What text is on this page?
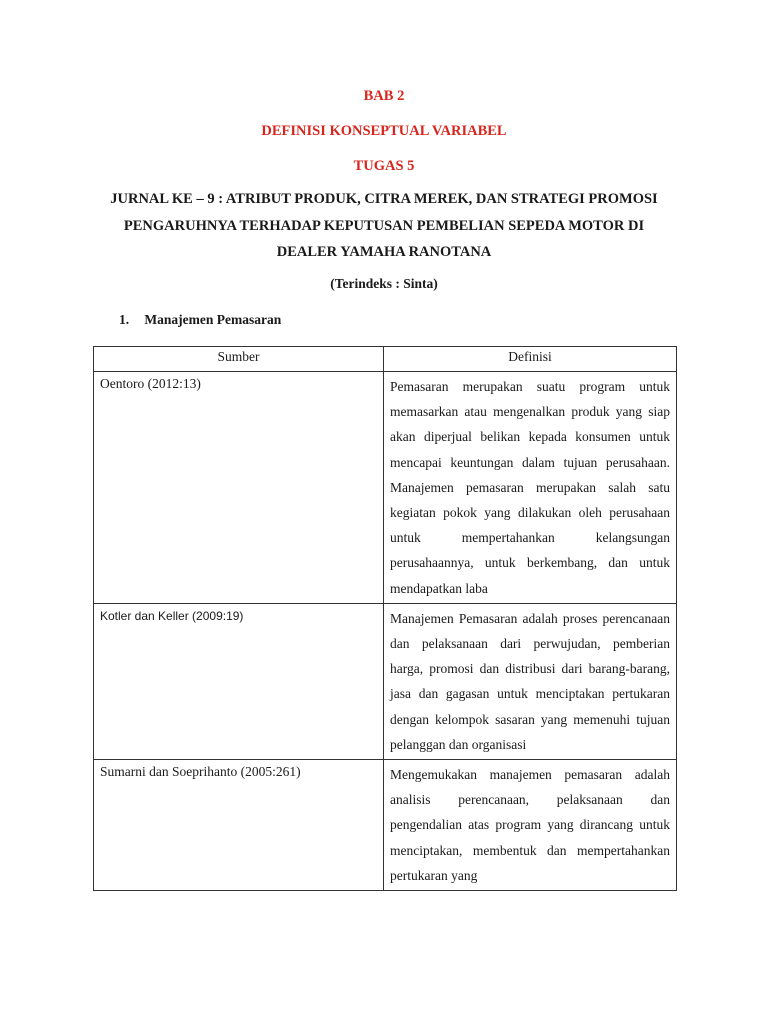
BAB 2
DEFINISI KONSEPTUAL VARIABEL
TUGAS 5
JURNAL KE – 9 : ATRIBUT PRODUK, CITRA MEREK, DAN STRATEGI PROMOSI PENGARUHNYA TERHADAP KEPUTUSAN PEMBELIAN SEPEDA MOTOR DI DEALER YAMAHA RANOTANA
(Terindeks : Sinta)
1. Manajemen Pemasaran
Sumber	Definisi
Oentoro (2012:13)	Pemasaran merupakan suatu program untuk memasarkan atau mengenalkan produk yang siap akan diperjual belikan kepada konsumen untuk mencapai keuntungan dalam tujuan perusahaan. Manajemen pemasaran merupakan salah satu kegiatan pokok yang dilakukan oleh perusahaan untuk mempertahankan kelangsungan perusahaannya, untuk berkembang, dan untuk mendapatkan laba
Kotler dan Keller (2009:19)	Manajemen Pemasaran adalah proses perencanaan dan pelaksanaan dari perwujudan, pemberian harga, promosi dan distribusi dari barang-barang, jasa dan gagasan untuk menciptakan pertukaran dengan kelompok sasaran yang memenuhi tujuan pelanggan dan organisasi
Sumarni dan Soeprihanto (2005:261)	Mengemukakan manajemen pemasaran adalah analisis perencanaan, pelaksanaan dan pengendalian atas program yang dirancang untuk menciptakan, membentuk dan mempertahankan pertukaran yang
